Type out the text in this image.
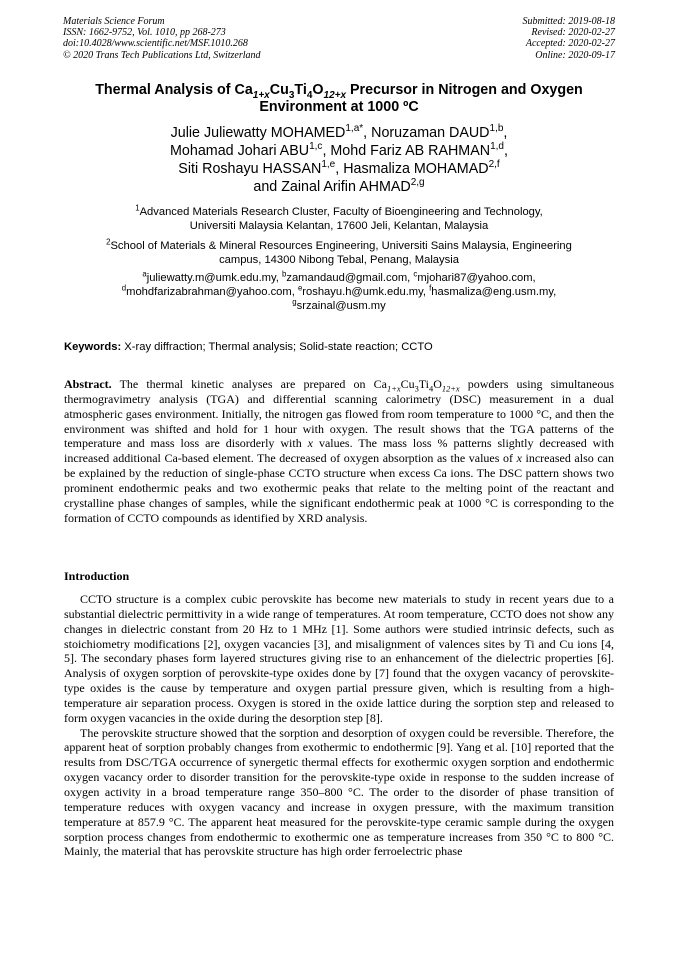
Materials Science Forum
ISSN: 1662-9752, Vol. 1010, pp 268-273
doi:10.4028/www.scientific.net/MSF.1010.268
© 2020 Trans Tech Publications Ltd, Switzerland
Submitted: 2019-08-18
Revised: 2020-02-27
Accepted: 2020-02-27
Online: 2020-09-17
Thermal Analysis of $Ca_{1+x}Cu_3Ti_4O_{12+x}$ Precursor in Nitrogen and Oxygen
Environment at 1000 ºC
Julie Juliewatty $MOHAMED^{1,a*}$, Noruzaman DAUD$^{1,b}$,
Mohamad Johari ABU$^{1,c}$, Mohd Fariz AB RAHMAN$^{1,d}$,
Siti Roshayu HASSAN$^{1,e}$, Hasmaliza MOHAMAD$^{2,f}$
and Zainal Arifin AHMAD$^{2,g}$
$^1$Advanced Materials Research Cluster, Faculty of Bioengineering and Technology,
Universiti Malaysia Kelantan, 17600 Jeli, Kelantan, Malaysia
$^2$School of Materials & Mineral Resources Engineering, Universiti Sains Malaysia, Engineering
campus, 14300 Nibong Tebal, Penang, Malaysia
$^a$juliewatty.m@umk.edu.my, $^b$zamandaud@gmail.com, $^c$mjohari87@yahoo.com,
$^d$mohdfarizabrahman@yahoo.com, $^e$roshayu.h@umk.edu.my, $^f$hasmaliza@eng.usm.my,
$^g$srzainal@usm.my
Keywords: X-ray diffraction; Thermal analysis; Solid-state reaction; CCTO
Abstract. The thermal kinetic analyses are prepared on $Ca_{1+x}Cu_3Ti_4O_{12+x}$ powders using simultaneous thermogravimetry analysis (TGA) and differential scanning calorimetry (DSC) measurement in a dual atmospheric gases environment. Initially, the nitrogen gas flowed from room temperature to 1000 °C, and then the environment was shifted and hold for 1 hour with oxygen. The result shows that the TGA patterns of the temperature and mass loss are disorderly with x values. The mass loss % patterns slightly decreased with increased additional Ca-based element. The decreased of oxygen absorption as the values of x increased also can be explained by the reduction of single-phase CCTO structure when excess Ca ions. The DSC pattern shows two prominent endothermic peaks and two exothermic peaks that relate to the melting point of the reactant and crystalline phase changes of samples, while the significant endothermic peak at 1000 °C is corresponding to the formation of CCTO compounds as identified by XRD analysis.
Introduction

CCTO structure is a complex cubic perovskite has become new materials to study in recent years due to a substantial dielectric permittivity in a wide range of temperatures. At room temperature, CCTO does not show any changes in dielectric constant from 20 Hz to 1 MHz [1]. Some authors were studied intrinsic defects, such as stoichiometry modifications [2], oxygen vacancies [3], and misalignment of valences sites by Ti and Cu ions [4, 5]. The secondary phases form layered structures giving rise to an enhancement of the dielectric properties [6]. Analysis of oxygen sorption of perovskite-type oxides done by [7] found that the oxygen vacancy of perovskite-type oxides is the cause by temperature and oxygen partial pressure given, which is resulting from a high-temperature air separation process. Oxygen is stored in the oxide lattice during the sorption step and released to form oxygen vacancies in the oxide during the desorption step [8].

The perovskite structure showed that the sorption and desorption of oxygen could be reversible. Therefore, the apparent heat of sorption probably changes from exothermic to endothermic [9]. Yang et al. [10] reported that the results from DSC/TGA occurrence of synergetic thermal effects for exothermic oxygen sorption and endothermic oxygen vacancy order to disorder transition for the perovskite-type oxide in response to the sudden increase of oxygen activity in a broad temperature range 350–800 °C. The order to the disorder of phase transition of temperature reduces with oxygen vacancy and increase in oxygen pressure, with the maximum transition temperature at 857.9 °C. The apparent heat measured for the perovskite-type ceramic sample during the oxygen sorption process changes from endothermic to exothermic one as temperature increases from 350 °C to 800 °C. Mainly, the material that has perovskite structure has high order ferroelectric phase
